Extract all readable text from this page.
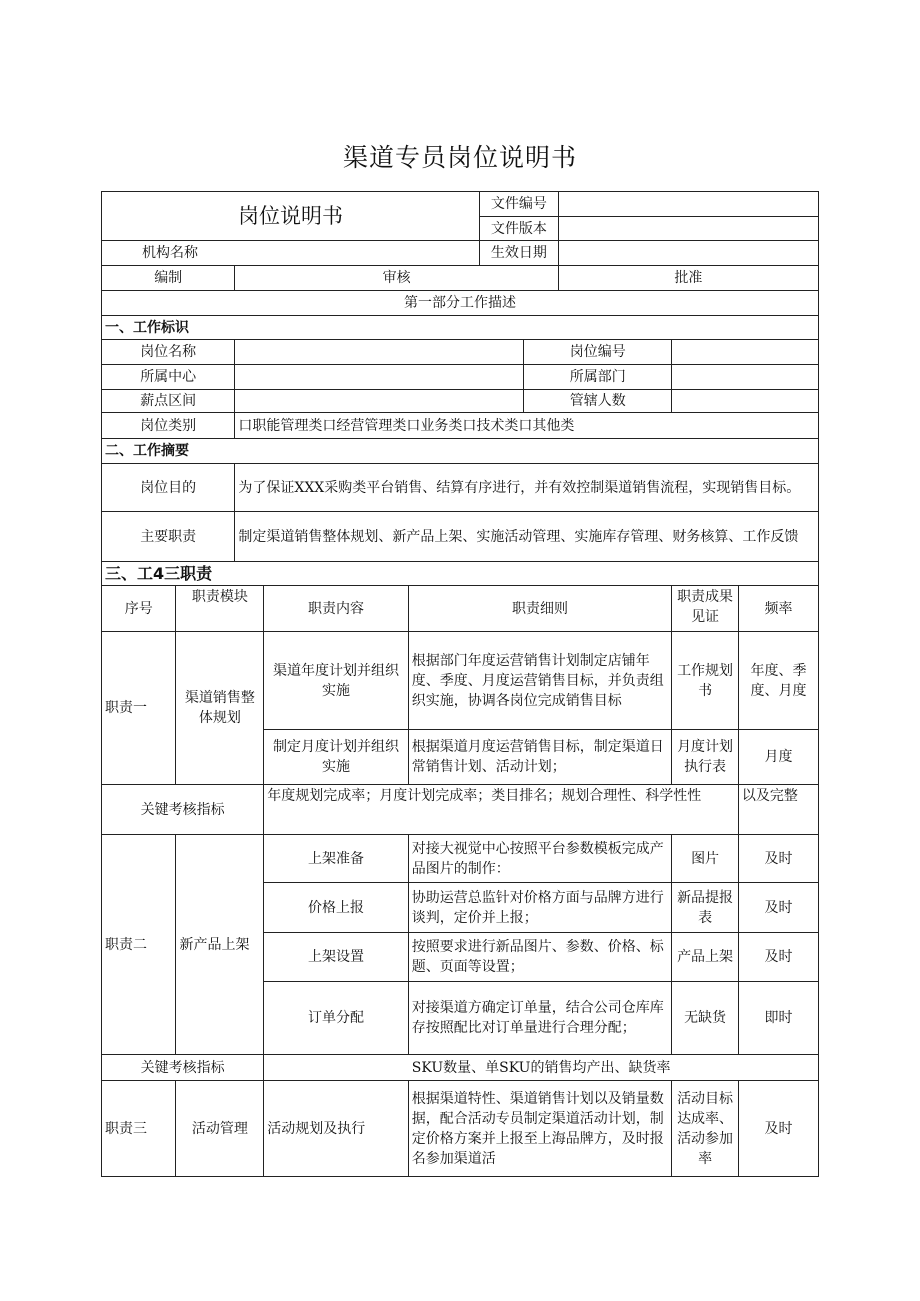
渠道专员岗位说明书
岗位说明书					文件编号				
					文件版本				
机构名称					生效日期				
编制		审核					批准		
第一部分工作描述									
一、工作标识									
岗位名称						岗位编号			
所属中心						所属部门			
薪点区间						管辖人数			
岗位类别		口职能管理类口经营管理类口业务类口技术类口其他类							
二、工作摘要									
岗位目的		为了保证XXX采购类平台销售、结算有序进行，并有效控制渠道销售流程，实现销售目标。							
主要职责		制定渠道销售整体规划、新产品上架、实施活动管理、实施库存管理、财务核算、工作反馈							
三、工4三职责									
序号	职责模块		职责内容	职责细则				职责成果见证	频率
职责一	渠道销售整体规划		渠道年度计划并组织实施	根据部门年度运营销售计划制定店铺年度、季度、月度运营销售目标，并负责组织实施，协调各岗位完成销售目标				工作规划书	年度、季度、月度
			制定月度计划并组织实施	根据渠道月度运营销售目标，制定渠道日常销售计划、活动计划；				月度计划执行表	月度
关键考核指标			年度规划完成率；月度计划完成率；类目排名；规划合理性、科学性性						以及完整
职责二	新产品上架		上架准备	对接大视觉中心按照平台参数模板完成产品图片的制作：				图片	及时
			价格上报	协助运营总监针对价格方面与品牌方进行谈判，定价并上报；				新品提报表	及时
			上架设置	按照要求进行新品图片、参数、价格、标题、页面等设置；				产品上架	及时
			订单分配	对接渠道方确定订单量，结合公司仓库库存按照配比对订单量进行合理分配；				无缺货	即时
关键考核指标			SKU数量、单SKU的销售均产出、缺货率						
职责三	活动管理		活动规划及执行	根据渠道特性、渠道销售计划以及销量数据，配合活动专员制定渠道活动计划，制定价格方案并上报至上海品牌方，及时报名参加渠道活				活动目标达成率、活动参加率	及时
